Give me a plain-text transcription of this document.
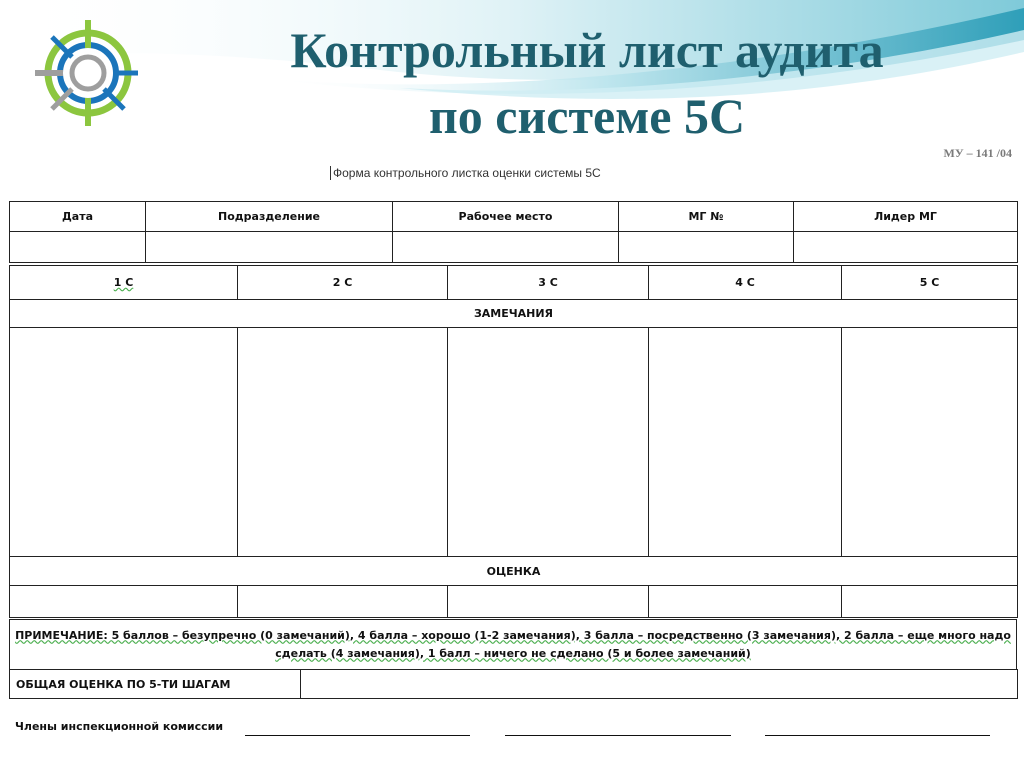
Контрольный лист аудита
по системе 5С
МУ – 141 /04
Форма контрольного листка оценки системы 5С
Дата	Подразделение	Рабочее место	МГ №	Лидер МГ

1 С	2 С	3 С	4 С	5 С
ЗАМЕЧАНИЯ				

ОЦЕНКА				

ПРИМЕЧАНИЕ: 5 баллов – безупречно (0 замечаний), 4 балла – хорошо (1-2 замечания), 3 балла – посредственно (3 замечания), 2 балла – еще много надо сделать (4 замечания), 1 балл – ничего не сделано (5 и более замечаний)
ОБЩАЯ ОЦЕНКА ПО 5-ТИ ШАГАМ	
Члены инспекционной комиссии
